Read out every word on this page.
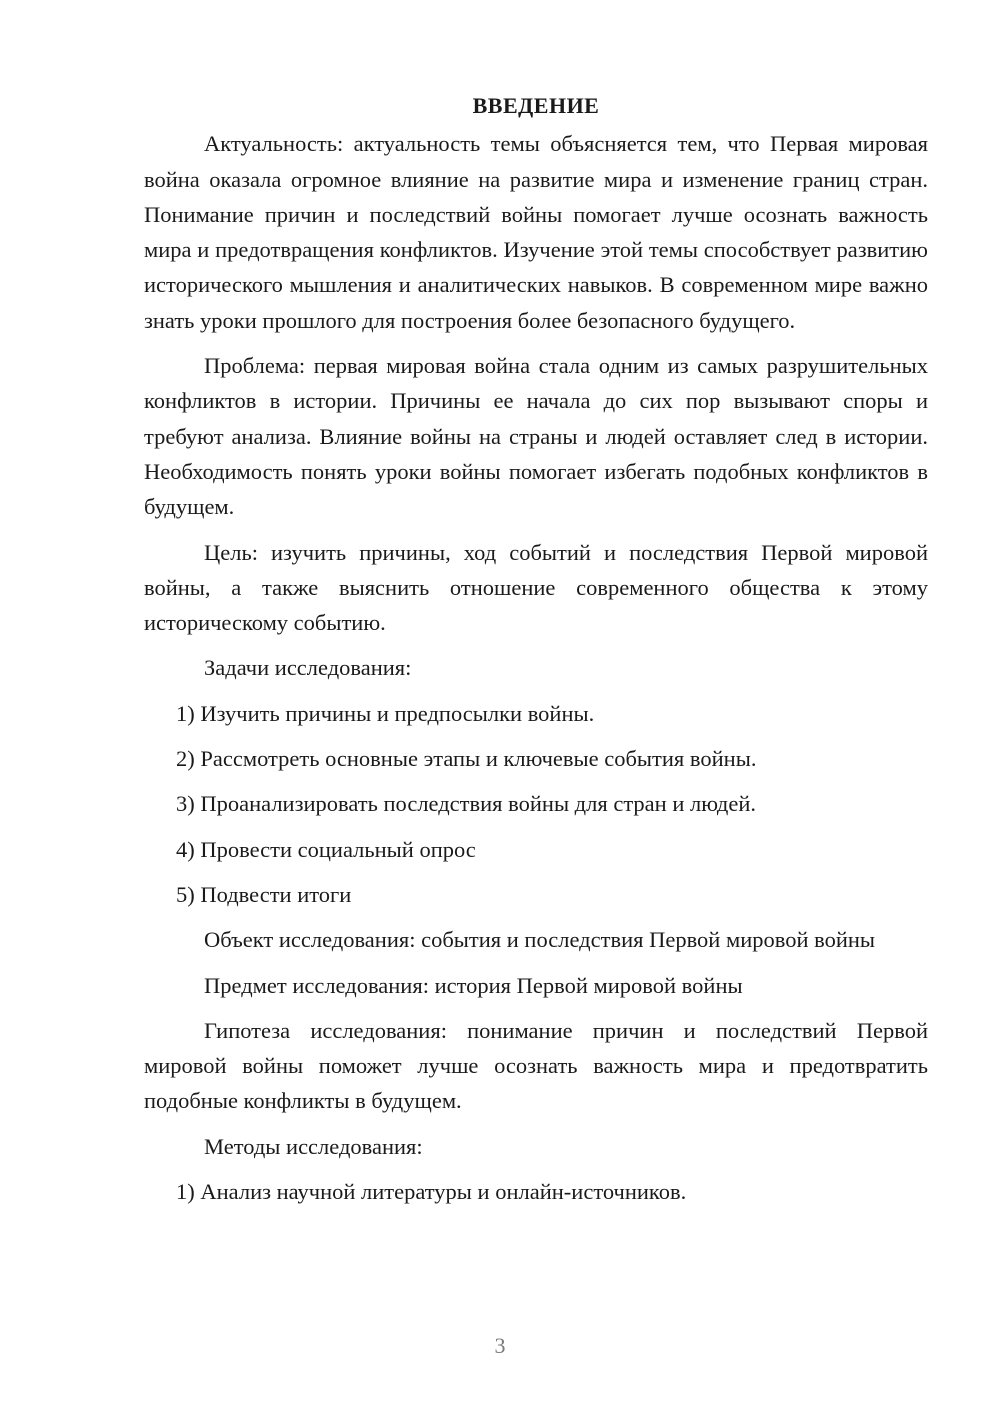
ВВЕДЕНИЕ

Актуальность: актуальность темы объясняется тем, что Первая мировая война оказала огромное влияние на развитие мира и изменение границ стран. Понимание причин и последствий войны помогает лучше осознать важность мира и предотвращения конфликтов. Изучение этой темы способствует развитию исторического мышления и аналитических навыков. В современном мире важно знать уроки прошлого для построения более безопасного будущего.

Проблема: первая мировая война стала одним из самых разрушительных конфликтов в истории. Причины ее начала до сих пор вызывают споры и требуют анализа. Влияние войны на страны и людей оставляет след в истории. Необходимость понять уроки войны помогает избегать подобных конфликтов в будущем.

Цель: изучить причины, ход событий и последствия Первой мировой войны, а также выяснить отношение современного общества к этому историческому событию.

Задачи исследования:

1) Изучить причины и предпосылки войны.
2) Рассмотреть основные этапы и ключевые события войны.
3) Проанализировать последствия войны для стран и людей.
4) Провести социальный опрос
5) Подвести итоги

Объект исследования: события и последствия Первой мировой войны

Предмет исследования: история Первой мировой войны

Гипотеза исследования: понимание причин и последствий Первой мировой войны поможет лучше осознать важность мира и предотвратить подобные конфликты в будущем.

Методы исследования:

1) Анализ научной литературы и онлайн-источников.
3
